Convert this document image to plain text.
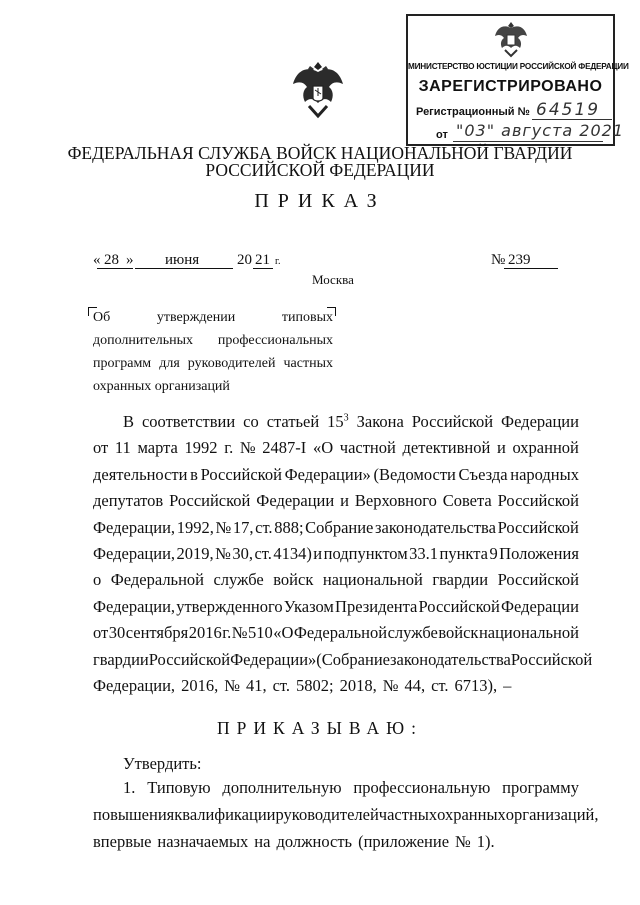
МИНИСТЕРСТВО ЮСТИЦИИ РОССИЙСКОЙ ФЕДЕРАЦИИ
ЗАРЕГИСТРИРОВАНО
Регистрационный № 64519
от "03" августа 2021
ФЕДЕРАЛЬНАЯ СЛУЖБА ВОЙСК НАЦИОНАЛЬНОЙ ГВАРДИИ
РОССИЙСКОЙ ФЕДЕРАЦИИ
ПРИКАЗ
« 28 » июня	20 21 г.	№ 239
Москва
Об	утверждении	типовых
дополнительных профессиональных
программ для руководителей частных
охранных организаций
В соответствии со статьей $15^3$ Закона Российской Федерации
от 11 марта 1992 г. № 2487-I «О частной детективной и охранной
деятельности в Российской Федерации» (Ведомости Съезда народных
депутатов Российской Федерации и Верховного Совета Российской
Федерации, 1992, № 17, ст. 888; Собрание законодательства Российской
Федерации, 2019, № 30, ст. 4134) и подпунктом 33.1 пункта 9 Положения
о Федеральной службе войск национальной гвардии Российской
Федерации, утвержденного Указом Президента Российской Федерации
от 30 сентября 2016 г. № 510 «О Федеральной службе войск национальной
гвардии Российской Федерации» (Собрание законодательства Российской
Федерации, 2016, № 41, ст. 5802; 2018, № 44, ст. 6713), –
ПРИКАЗЫВАЮ:
Утвердить:
1. Типовую дополнительную профессиональную программу
повышения квалификации руководителей частных охранных организаций,
впервые назначаемых на должность (приложение № 1).
